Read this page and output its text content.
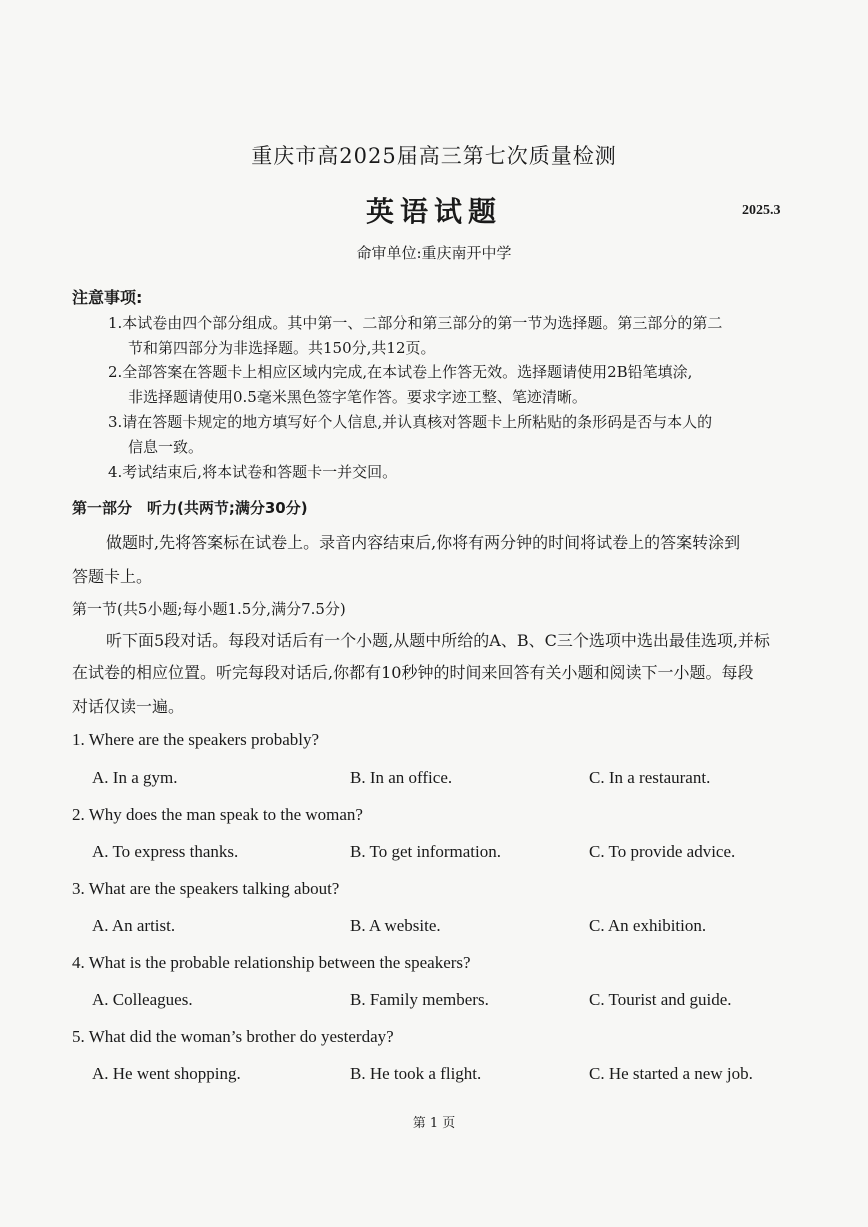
重庆市高2025届高三第七次质量检测
英语试题	2025.3
命审单位:重庆南开中学
注意事项:
1.本试卷由四个部分组成。其中第一、二部分和第三部分的第一节为选择题。第三部分的第二
节和第四部分为非选择题。共150分,共12页。
2.全部答案在答题卡上相应区域内完成,在本试卷上作答无效。选择题请使用2B铅笔填涂,
非选择题请使用0.5毫米黑色签字笔作答。要求字迹工整、笔迹清晰。
3.请在答题卡规定的地方填写好个人信息,并认真核对答题卡上所粘贴的条形码是否与本人的
信息一致。
4.考试结束后,将本试卷和答题卡一并交回。
第一部分　听力(共两节;满分30分)
做题时,先将答案标在试卷上。录音内容结束后,你将有两分钟的时间将试卷上的答案转涂到
答题卡上。
第一节(共5小题;每小题1.5分,满分7.5分)
听下面5段对话。每段对话后有一个小题,从题中所给的A、B、C三个选项中选出最佳选项,并标
在试卷的相应位置。听完每段对话后,你都有10秒钟的时间来回答有关小题和阅读下一小题。每段
对话仅读一遍。
1. Where are the speakers probably?
A. In a gym.	B. In an office.	C. In a restaurant.
2. Why does the man speak to the woman?
A. To express thanks.	B. To get information.	C. To provide advice.
3. What are the speakers talking about?
A. An artist.	B. A website.	C. An exhibition.
4. What is the probable relationship between the speakers?
A. Colleagues.	B. Family members.	C. Tourist and guide.
5. What did the woman’s brother do yesterday?
A. He went shopping.	B. He took a flight.	C. He started a new job.
第 1 页
